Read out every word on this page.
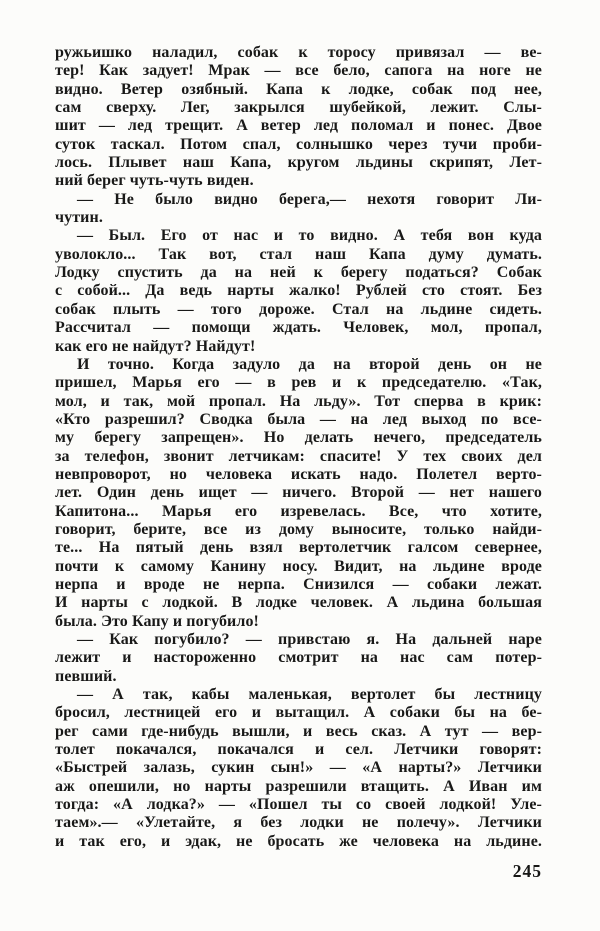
ружьишко наладил, собак к торосу привязал — ве-
тер! Как задует! Мрак — все бело, сапога на ноге не
видно. Ветер озябный. Капа к лодке, собак под нее,
сам сверху. Лег, закрылся шубейкой, лежит. Слы-
шит — лед трещит. А ветер лед поломал и понес. Двое
суток таскал. Потом спал, солнышко через тучи проби-
лось. Плывет наш Капа, кругом льдины скрипят, Лет-
ний берег чуть-чуть виден.
— Не было видно берега,— нехотя говорит Ли-
чутин.
— Был. Его от нас и то видно. А тебя вон куда
уволокло... Так вот, стал наш Капа думу думать.
Лодку спустить да на ней к берегу податься? Собак
с собой... Да ведь нарты жалко! Рублей сто стоят. Без
собак плыть — того дороже. Стал на льдине сидеть.
Рассчитал — помощи ждать. Человек, мол, пропал,
как его не найдут? Найдут!
И точно. Когда задуло да на второй день он не
пришел, Марья его — в рев и к председателю. «Так,
мол, и так, мой пропал. На льду». Тот сперва в крик:
«Кто разрешил? Сводка была — на лед выход по все-
му берегу запрещен». Но делать нечего, председатель
за телефон, звонит летчикам: спасите! У тех своих дел
невпроворот, но человека искать надо. Полетел верто-
лет. Один день ищет — ничего. Второй — нет нашего
Капитона... Марья его изревелась. Все, что хотите,
говорит, берите, все из дому выносите, только найди-
те... На пятый день взял вертолетчик галсом севернее,
почти к самому Канину носу. Видит, на льдине вроде
нерпа и вроде не нерпа. Снизился — собаки лежат.
И нарты с лодкой. В лодке человек. А льдина большая
была. Это Капу и погубило!
— Как погубило? — привстаю я. На дальней наре
лежит и настороженно смотрит на нас сам потер-
певший.
— А так, кабы маленькая, вертолет бы лестницу
бросил, лестницей его и вытащил. А собаки бы на бе-
рег сами где-нибудь вышли, и весь сказ. А тут — вер-
толет покачался, покачался и сел. Летчики говорят:
«Быстрей залазь, сукин сын!» — «А нарты?» Летчики
аж опешили, но нарты разрешили втащить. А Иван им
тогда: «А лодка?» — «Пошел ты со своей лодкой! Уле-
таем».— «Улетайте, я без лодки не полечу». Летчики
и так его, и эдак, не бросать же человека на льдине.
245
